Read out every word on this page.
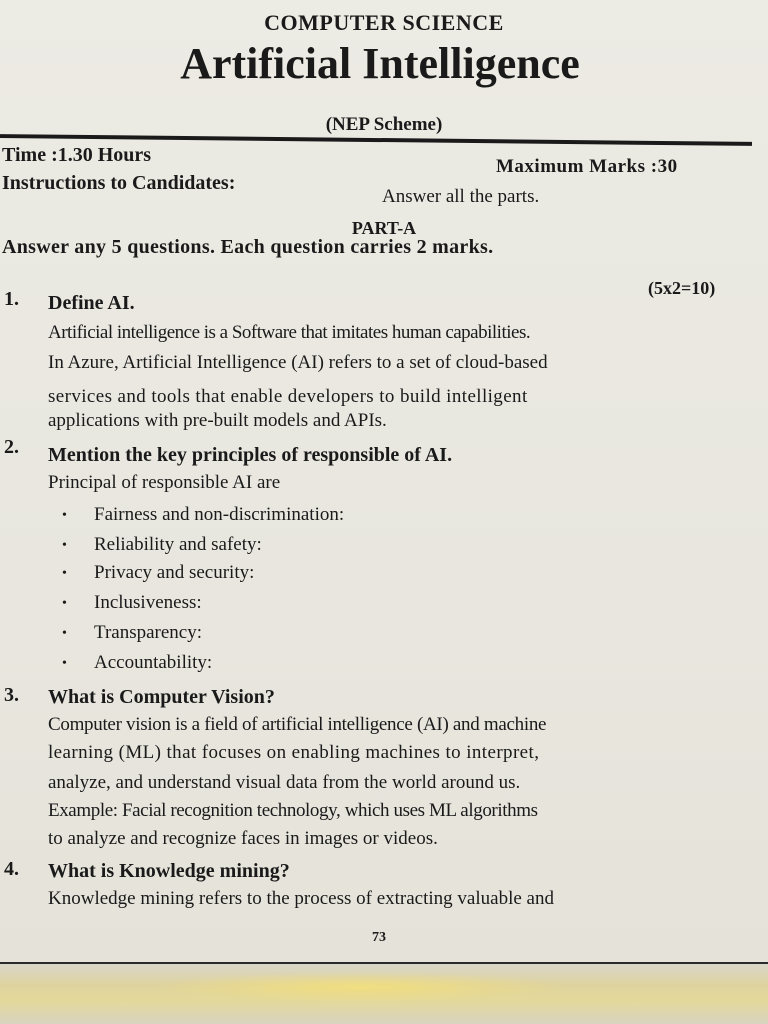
COMPUTER SCIENCE
Artificial Intelligence
(NEP Scheme)
Time :1.30 Hours
Maximum Marks :30
Instructions to Candidates:
Answer all the parts.
PART-A
Answer any 5 questions. Each question carries 2 marks.
(5x2=10)
1. Define AI.
Artificial intelligence is a Software that imitates human capabilities.
In Azure, Artificial Intelligence (AI) refers to a set of cloud-based
services and tools that enable developers to build intelligent
applications with pre-built models and APIs.
2. Mention the key principles of responsible of AI.
Principal of responsible AI are
• Fairness and non-discrimination:
• Reliability and safety:
• Privacy and security:
• Inclusiveness:
• Transparency:
• Accountability:
3. What is Computer Vision?
Computer vision is a field of artificial intelligence (AI) and machine
learning (ML) that focuses on enabling machines to interpret,
analyze, and understand visual data from the world around us.
Example: Facial recognition technology, which uses ML algorithms
to analyze and recognize faces in images or videos.
4. What is Knowledge mining?
Knowledge mining refers to the process of extracting valuable and
73
